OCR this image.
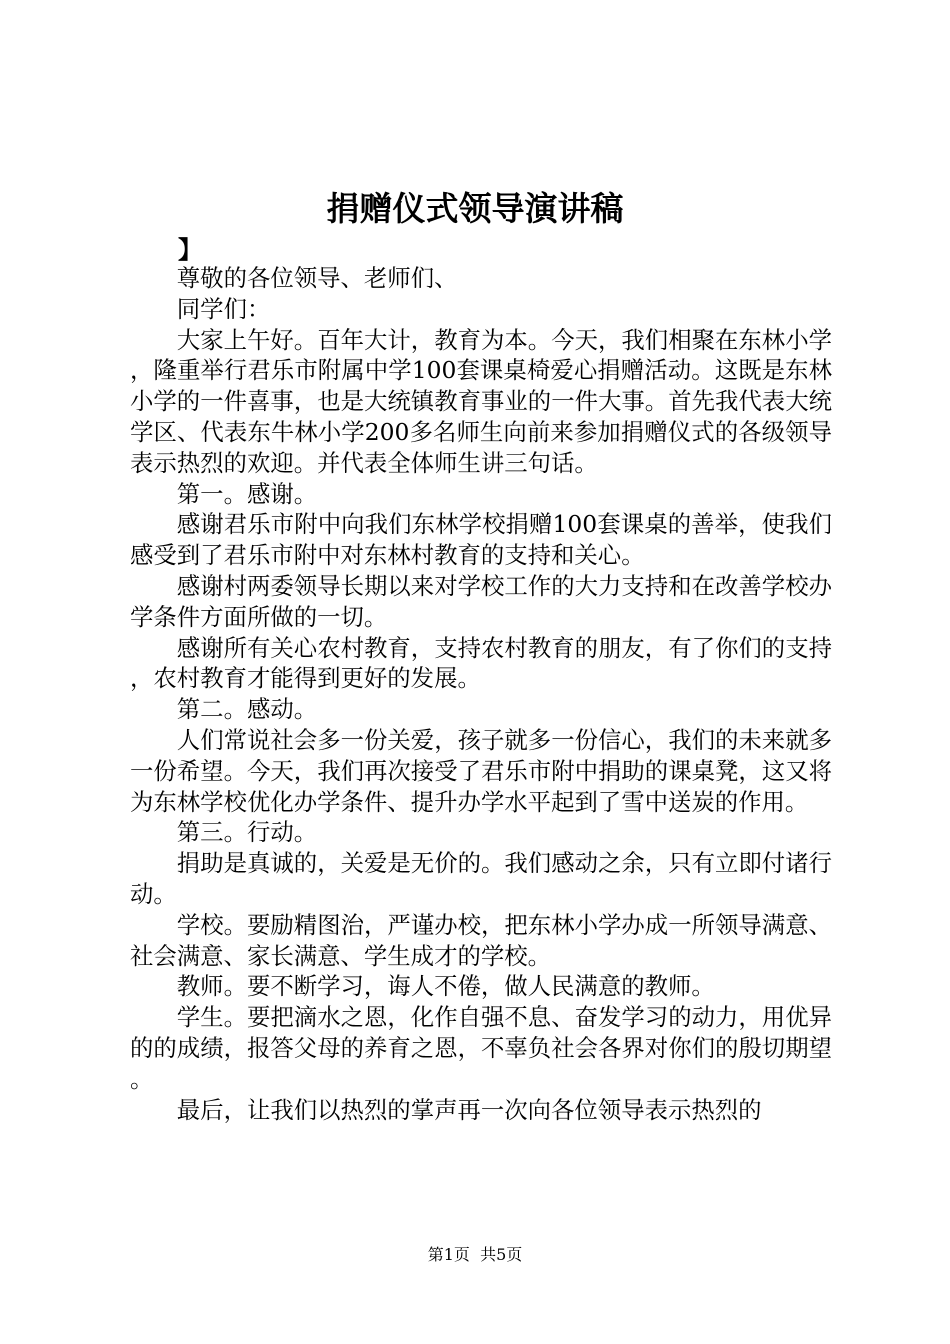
捐赠仪式领导演讲稿
】

尊敬的各位领导、老师们、

同学们：

大家上午好。百年大计，教育为本。今天，我们相聚在东林小学，隆重举行君乐市附属中学100套课桌椅爱心捐赠活动。这既是东林小学的一件喜事，也是大统镇教育事业的一件大事。首先我代表大统学区、代表东牛林小学200多名师生向前来参加捐赠仪式的各级领导表示热烈的欢迎。并代表全体师生讲三句话。

第一。感谢。

感谢君乐市附中向我们东林学校捐赠100套课桌的善举，使我们感受到了君乐市附中对东林村教育的支持和关心。

感谢村两委领导长期以来对学校工作的大力支持和在改善学校办学条件方面所做的一切。

感谢所有关心农村教育，支持农村教育的朋友，有了你们的支持，农村教育才能得到更好的发展。

第二。感动。

人们常说社会多一份关爱，孩子就多一份信心，我们的未来就多一份希望。今天，我们再次接受了君乐市附中捐助的课桌凳，这又将为东林学校优化办学条件、提升办学水平起到了雪中送炭的作用。

第三。行动。

捐助是真诚的，关爱是无价的。我们感动之余，只有立即付诸行动。

学校。要励精图治，严谨办校，把东林小学办成一所领导满意、社会满意、家长满意、学生成才的学校。

教师。要不断学习，诲人不倦，做人民满意的教师。

学生。要把滴水之恩，化作自强不息、奋发学习的动力，用优异的的成绩，报答父母的养育之恩，不辜负社会各界对你们的殷切期望。

最后，让我们以热烈的掌声再一次向各位领导表示热烈的

第1页  共5页
